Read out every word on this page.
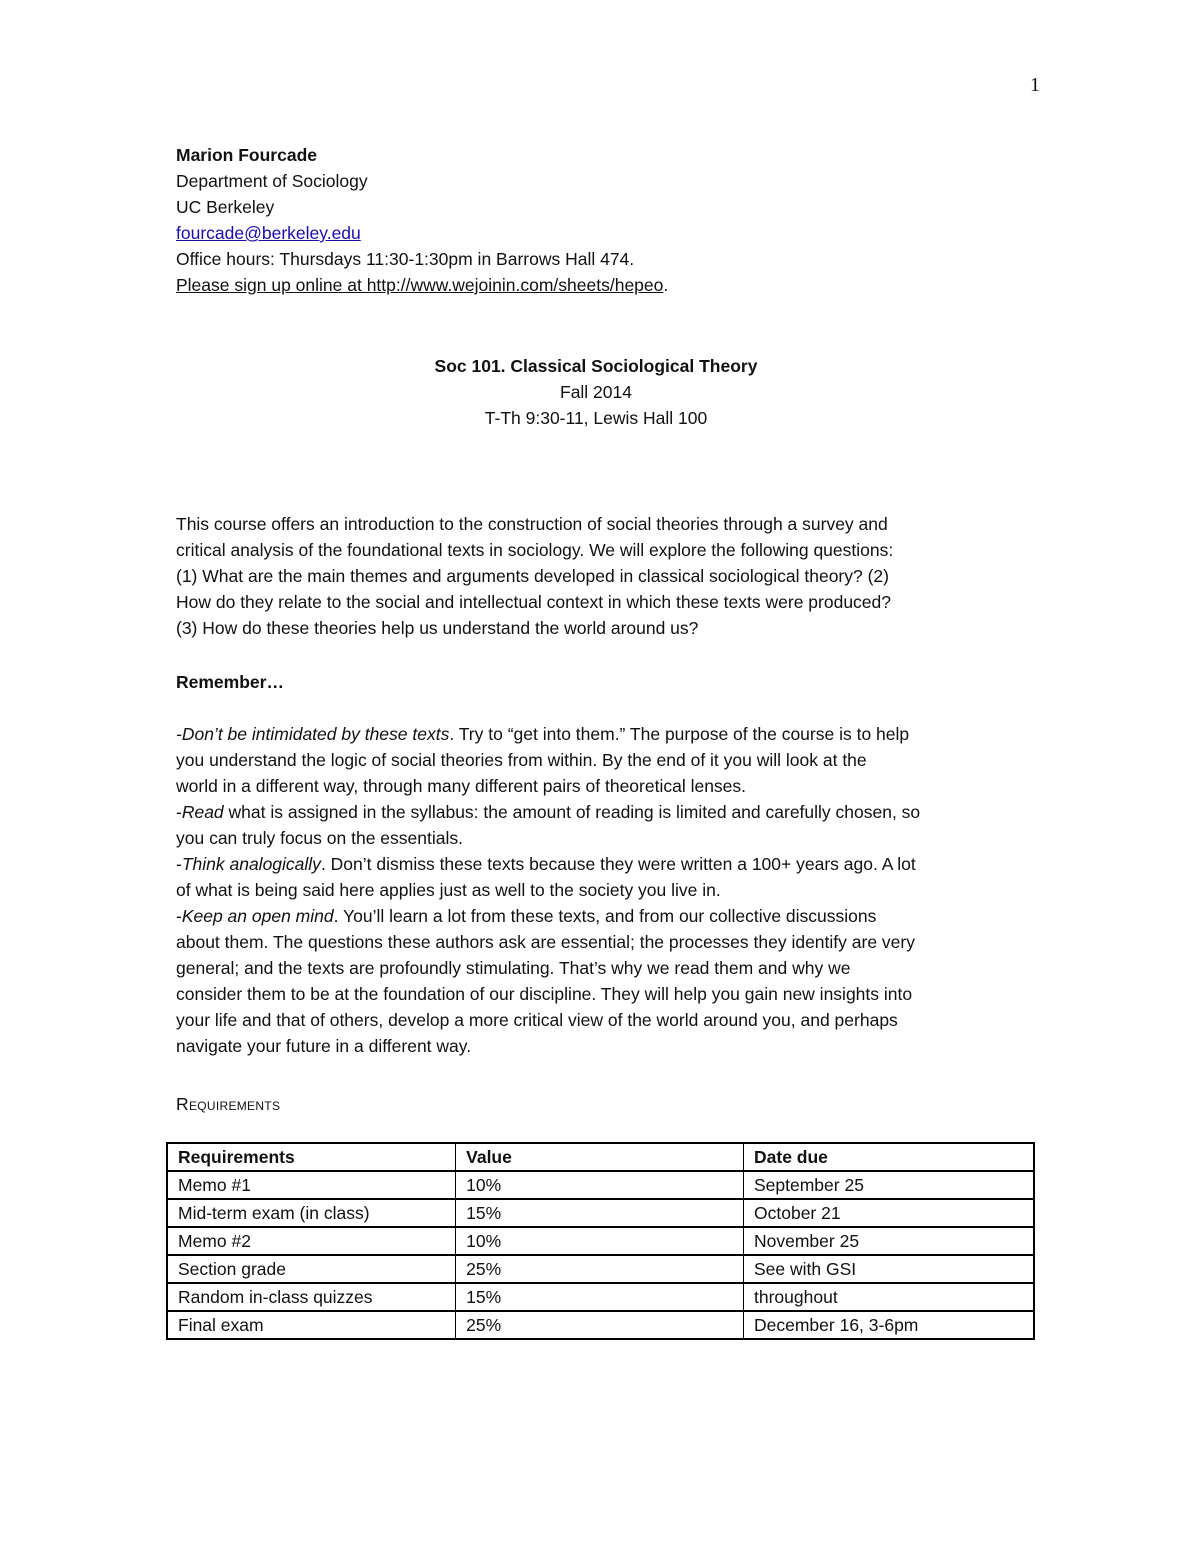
1
Marion Fourcade
Department of Sociology
UC Berkeley
fourcade@berkeley.edu
Office hours: Thursdays 11:30-1:30pm in Barrows Hall 474.
Please sign up online at http://www.wejoinin.com/sheets/hepeo.
Soc 101. Classical Sociological Theory
Fall 2014
T-Th 9:30-11, Lewis Hall 100
This course offers an introduction to the construction of social theories through a survey and
critical analysis of the foundational texts in sociology. We will explore the following questions:
(1) What are the main themes and arguments developed in classical sociological theory? (2)
How do they relate to the social and intellectual context in which these texts were produced?
(3) How do these theories help us understand the world around us?
Remember…
-Don’t be intimidated by these texts. Try to “get into them.” The purpose of the course is to help
you understand the logic of social theories from within. By the end of it you will look at the
world in a different way, through many different pairs of theoretical lenses.
-Read what is assigned in the syllabus: the amount of reading is limited and carefully chosen, so
you can truly focus on the essentials.
-Think analogically. Don’t dismiss these texts because they were written a 100+ years ago. A lot
of what is being said here applies just as well to the society you live in.
-Keep an open mind. You’ll learn a lot from these texts, and from our collective discussions
about them. The questions these authors ask are essential; the processes they identify are very
general; and the texts are profoundly stimulating. That’s why we read them and why we
consider them to be at the foundation of our discipline. They will help you gain new insights into
your life and that of others, develop a more critical view of the world around you, and perhaps
navigate your future in a different way.
Requirements
Requirements	Value	Date due
Memo #1	10%	September 25
Mid-term exam (in class)	15%	October 21
Memo #2	10%	November 25
Section grade	25%	See with GSI
Random in-class quizzes	15%	throughout
Final exam	25%	December 16, 3-6pm
